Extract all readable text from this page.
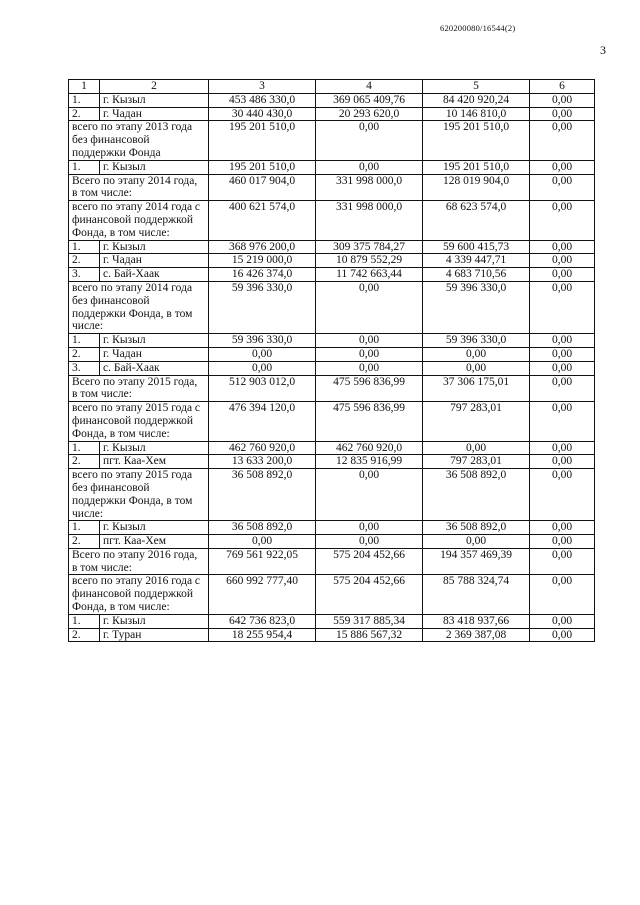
620200080/16544(2)
3
1	2	3	4	5	6
1.	г. Кызыл	453 486 330,0	369 065 409,76	84 420 920,24	0,00
2.	г. Чадан	30 440 430,0	20 293 620,0	10 146 810,0	0,00
всего по этапу 2013 года без финансовой поддержки Фонда		195 201 510,0	0,00	195 201 510,0	0,00
1.	г. Кызыл	195 201 510,0	0,00	195 201 510,0	0,00
Всего по этапу 2014 года, в том числе:		460 017 904,0	331 998 000,0	128 019 904,0	0,00
всего по этапу 2014 года с финансовой поддержкой Фонда, в том числе:		400 621 574,0	331 998 000,0	68 623 574,0	0,00
1.	г. Кызыл	368 976 200,0	309 375 784,27	59 600 415,73	0,00
2.	г. Чадан	15 219 000,0	10 879 552,29	4 339 447,71	0,00
3.	с. Бай-Хаак	16 426 374,0	11 742 663,44	4 683 710,56	0,00
всего по этапу 2014 года без финансовой поддержки Фонда, в том числе:		59 396 330,0	0,00	59 396 330,0	0,00
1.	г. Кызыл	59 396 330,0	0,00	59 396 330,0	0,00
2.	г. Чадан	0,00	0,00	0,00	0,00
3.	с. Бай-Хаак	0,00	0,00	0,00	0,00
Всего по этапу 2015 года, в том числе:		512 903 012,0	475 596 836,99	37 306 175,01	0,00
всего по этапу 2015 года с финансовой поддержкой Фонда, в том числе:		476 394 120,0	475 596 836,99	797 283,01	0,00
1.	г. Кызыл	462 760 920,0	462 760 920,0	0,00	0,00
2.	пгт. Каа-Хем	13 633 200,0	12 835 916,99	797 283,01	0,00
всего по этапу 2015 года без финансовой поддержки Фонда, в том числе:		36 508 892,0	0,00	36 508 892,0	0,00
1.	г. Кызыл	36 508 892,0	0,00	36 508 892,0	0,00
2.	пгт. Каа-Хем	0,00	0,00	0,00	0,00
Всего по этапу 2016 года, в том числе:		769 561 922,05	575 204 452,66	194 357 469,39	0,00
всего по этапу 2016 года с финансовой поддержкой Фонда, в том числе:		660 992 777,40	575 204 452,66	85 788 324,74	0,00
1.	г. Кызыл	642 736 823,0	559 317 885,34	83 418 937,66	0,00
2.	г. Туран	18 255 954,4	15 886 567,32	2 369 387,08	0,00
